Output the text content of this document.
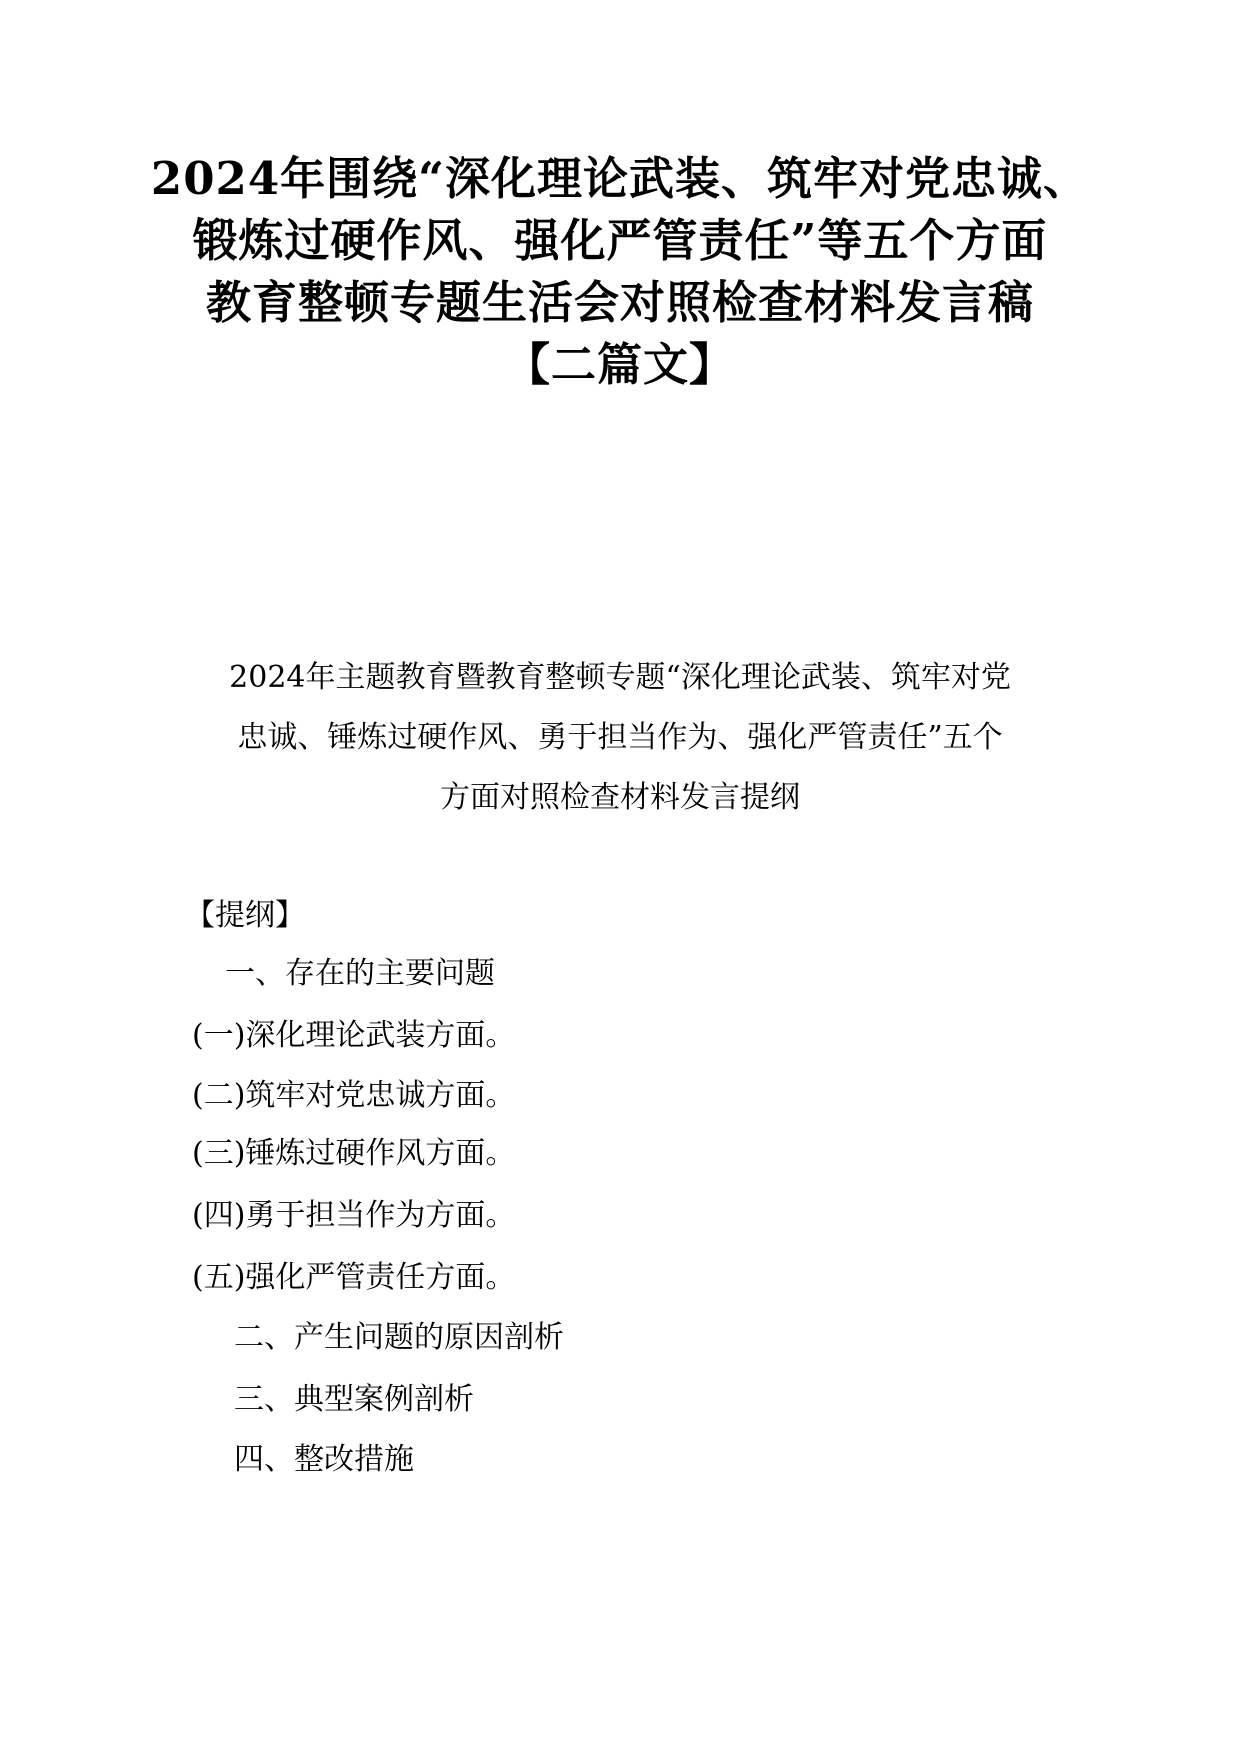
2024年围绕“深化理论武装、筑牢对党忠诚、
锻炼过硬作风、强化严管责任”等五个方面
教育整顿专题生活会对照检查材料发言稿
【二篇文】
2024年主题教育暨教育整顿专题“深化理论武装、筑牢对党
忠诚、锤炼过硬作风、勇于担当作为、强化严管责任”五个
方面对照检查材料发言提纲
【提纲】
一、存在的主要问题
(一)深化理论武装方面。
(二)筑牢对党忠诚方面。
(三)锤炼过硬作风方面。
(四)勇于担当作为方面。
(五)强化严管责任方面。
二、产生问题的原因剖析
三、典型案例剖析
四、整改措施
